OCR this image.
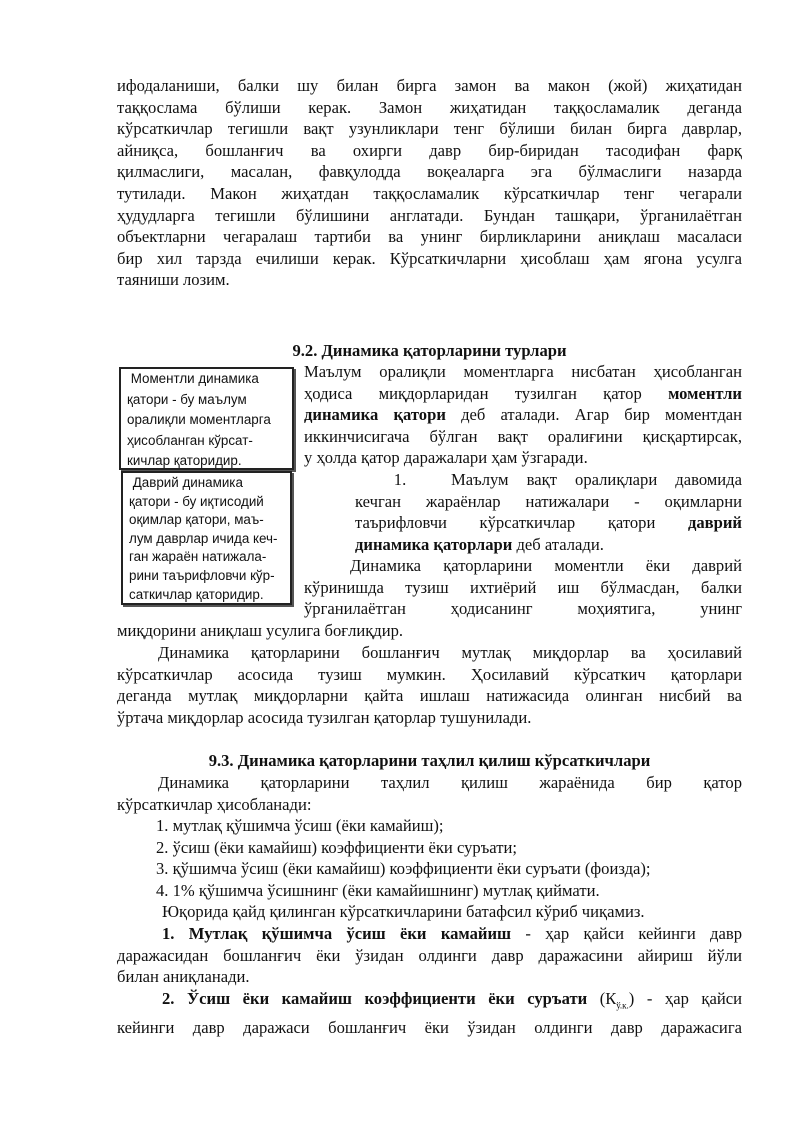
ифодаланиши, балки шу билан бирга замон ва макон (жой) жиҳатидан

таққослама бўлиши керак. Замон жиҳатидан таққосламалик деганда

кўрсаткичлар тегишли вақт узунликлари тенг бўлиши билан бирга даврлар,

айниқса, бошланғич ва охирги давр бир-биридан тасодифан фарқ

қилмаслиги, масалан, фавқулодда воқеаларга эга бўлмаслиги назарда

тутилади. Макон жиҳатдан таққосламалик кўрсаткичлар тенг чегарали

ҳудудларга тегишли бўлишини англатади. Бундан ташқари, ўрганилаётган

объектларни чегаралаш тартиби ва унинг бирликларини аниқлаш масаласи

бир хил тарзда ечилиши керак. Кўрсаткичларни ҳисоблаш ҳам ягона усулга

таяниши лозим.

9.2. Динамика қаторларини турлари

Моментли динамика

қатори - бу маълум

оралиқли моментларга

ҳисобланган кўрсат-

кичлар қаторидир.

Даврий динамика

қатори - бу иқтисодий

оқимлар қатори, маъ-

лум даврлар ичида кеч-

ган жараён натижала-

рини таърифловчи кўр-

саткичлар қаторидир.

Маълум оралиқли моментларга нисбатан ҳисобланган

ҳодиса миқдорларидан тузилган қатор моментли

динамика қатори деб аталади. Агар бир моментдан

иккинчисигача бўлган вақт оралиғини қисқартирсак,

у ҳолда қатор даражалари ҳам ўзгаради.

1.	Маълум вақт оралиқлари давомида

кечган жараёнлар натижалари - оқимларни

таърифловчи кўрсаткичлар қатори даврий

динамика қаторлари деб аталади.

Динамика қаторларини моментли ёки даврий

кўринишда тузиш ихтиёрий иш бўлмасдан, балки

ўрганилаётган ҳодисанинг моҳиятига, унинг

миқдорини аниқлаш усулига боғлиқдир.

Динамика қаторларини бошланғич мутлақ миқдорлар ва ҳосилавий

кўрсаткичлар асосида тузиш мумкин. Ҳосилавий кўрсаткич қаторлари

деганда мутлақ миқдорларни қайта ишлаш натижасида олинган нисбий ва

ўртача миқдорлар асосида тузилган қаторлар тушунилади.

9.3. Динамика қаторларини таҳлил қилиш кўрсаткичлари

Динамика қаторларини таҳлил қилиш жараёнида бир қатор

кўрсаткичлар ҳисобланади:

1. мутлақ қўшимча ўсиш (ёки камайиш);
2. ўсиш (ёки камайиш) коэффициенти ёки суръати;
3. қўшимча ўсиш (ёки камайиш) коэффициенти ёки суръати (фоизда);
4. 1% қўшимча ўсишнинг (ёки камайишнинг) мутлақ қиймати.

Юқорида қайд қилинган кўрсаткичларини батафсил кўриб чиқамиз.

1. Мутлақ қўшимча ўсиш ёки камайиш - ҳар қайси кейинги давр

даражасидан бошланғич ёки ўзидан олдинги давр даражасини айириш йўли

билан аниқланади.

2. Ўсиш ёки камайиш коэффициенти ёки суръати $(К_{ў.к.})$ - ҳар қайси

кейинги давр даражаси бошланғич ёки ўзидан олдинги давр даражасига
